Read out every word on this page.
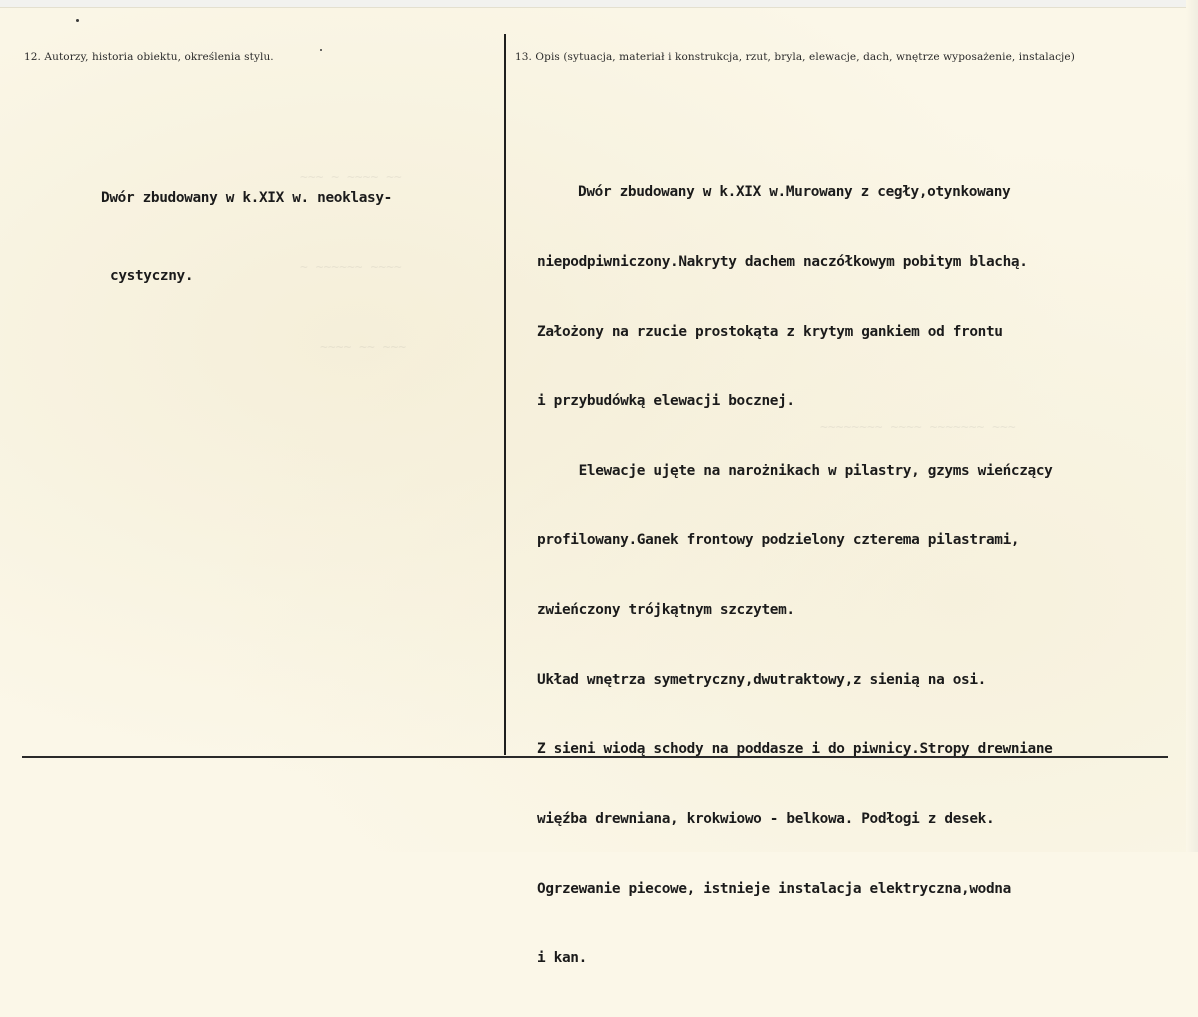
~~~ ~ ~~~~ ~~
~ ~~~~~~ ~~~~
~~~~ ~~ ~~~
~~~~~~~~ ~~~~ ~~~~~~~ ~~~
12. Autorzy, historia obiektu, określenia stylu.	13. Opis (sytuacja, materiał i konstrukcja, rzut, bryla, elewacje, dach, wnętrze wyposażenie, instalacje)

Dwór zbudowany w k.XIX w. neoklasy-

cystyczny.

Dwór zbudowany w k.XIX w.Murowany z cegły,otynkowany

niepodpiwniczony.Nakryty dachem naczółkowym pobitym blachą.

Założony na rzucie prostokąta z krytym gankiem od frontu

i przybudówką elewacji bocznej.

Elewacje ujęte na narożnikach w pilastry, gzyms wieńczący

profilowany.Ganek frontowy podzielony czterema pilastrami,

zwieńczony trójkątnym szczytem.

Układ wnętrza symetryczny,dwutraktowy,z sienią na osi.

Z sieni wiodą schody na poddasze i do piwnicy.Stropy drewniane

więźba drewniana, krokwiowo - belkowa. Podłogi z desek.

Ogrzewanie piecowe, istnieje instalacja elektryczna,wodna

i kan.
